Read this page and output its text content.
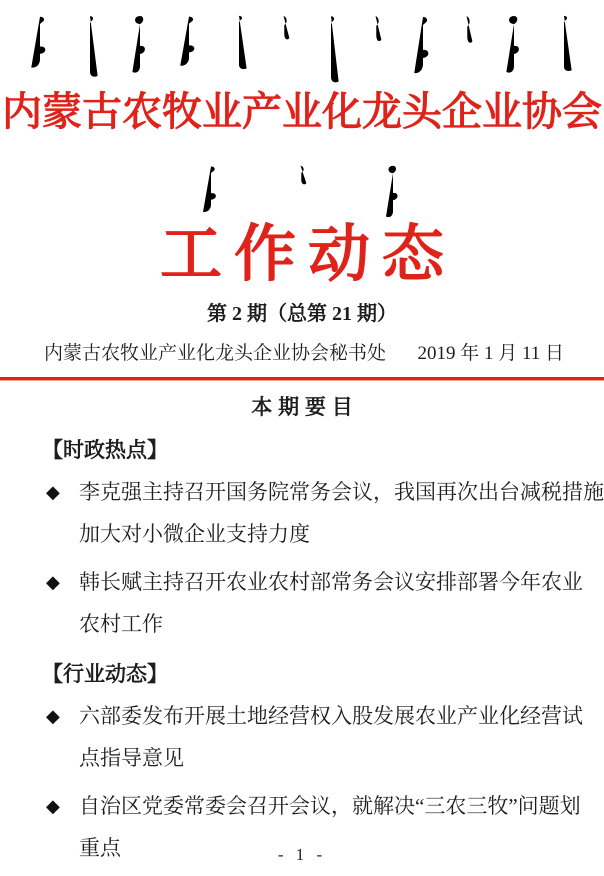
内蒙古农牧业产业化龙头企业协会
工作动态
第 2 期（总第 21 期）
内蒙古农牧业产业化龙头企业协会秘书处 2019 年 1 月 11 日
本 期 要 目
【时政热点】
◆ 李克强主持召开国务院常务会议，我国再次出台减税措施
加大对小微企业支持力度
◆ 韩长赋主持召开农业农村部常务会议安排部署今年农业
农村工作
【行业动态】
◆ 六部委发布开展土地经营权入股发展农业产业化经营试
点指导意见
◆ 自治区党委常委会召开会议，就解决“三农三牧”问题划
重点	- 1 -
